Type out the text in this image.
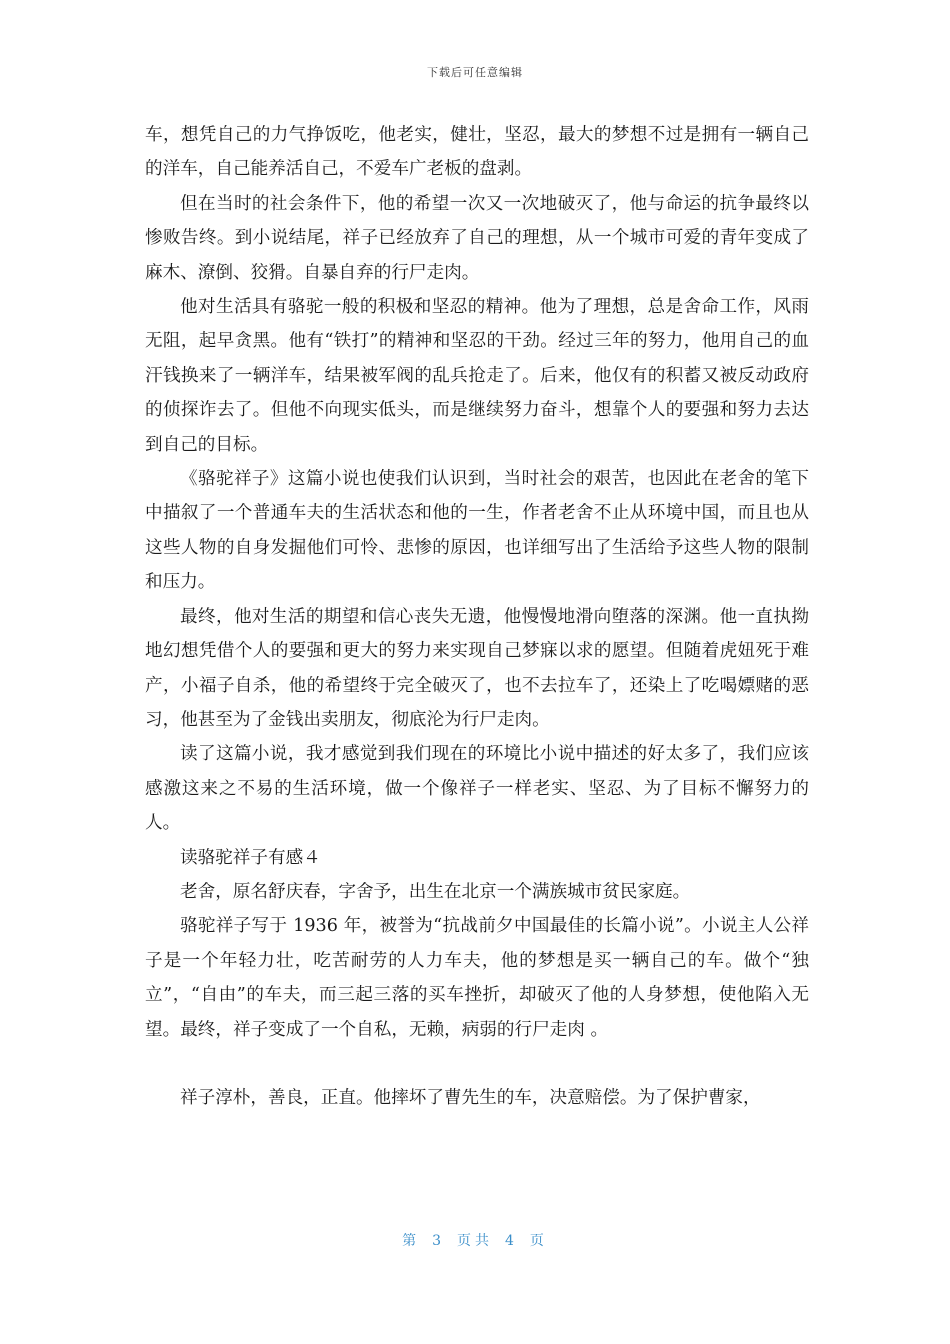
下载后可任意编辑

车，想凭自己的力气挣饭吃，他老实，健壮，坚忍，最大的梦想不过是拥有一辆自己的洋车，自己能养活自己，不爱车广老板的盘剥。

但在当时的社会条件下，他的希望一次又一次地破灭了，他与命运的抗争最终以惨败告终。到小说结尾，祥子已经放弃了自己的理想，从一个城市可爱的青年变成了麻木、潦倒、狡猾。自暴自弃的行尸走肉。

他对生活具有骆驼一般的积极和坚忍的精神。他为了理想，总是舍命工作，风雨无阻，起早贪黑。他有“铁打”的精神和坚忍的干劲。经过三年的努力，他用自己的血汗钱换来了一辆洋车，结果被军阀的乱兵抢走了。后来，他仅有的积蓄又被反动政府的侦探诈去了。但他不向现实低头，而是继续努力奋斗，想靠个人的要强和努力去达到自己的目标。

《骆驼祥子》这篇小说也使我们认识到，当时社会的艰苦，也因此在老舍的笔下中描叙了一个普通车夫的生活状态和他的一生，作者老舍不止从环境中国，而且也从这些人物的自身发掘他们可怜、悲惨的原因，也详细写出了生活给予这些人物的限制和压力。

最终，他对生活的期望和信心丧失无遗，他慢慢地滑向堕落的深渊。他一直执拗地幻想凭借个人的要强和更大的努力来实现自己梦寐以求的愿望。但随着虎妞死于难产，小福子自杀，他的希望终于完全破灭了，也不去拉车了，还染上了吃喝嫖赌的恶习，他甚至为了金钱出卖朋友，彻底沦为行尸走肉。

读了这篇小说，我才感觉到我们现在的环境比小说中描述的好太多了，我们应该感激这来之不易的生活环境，做一个像祥子一样老实、坚忍、为了目标不懈努力的人。

读骆驼祥子有感４

老舍，原名舒庆春，字舍予，出生在北京一个满族城市贫民家庭。

骆驼祥子写于 1936 年，被誉为“抗战前夕中国最佳的长篇小说”。小说主人公祥子是一个年轻力壮，吃苦耐劳的人力车夫，他的梦想是买一辆自己的车。做个“独立”，“自由”的车夫，而三起三落的买车挫折，却破灭了他的人身梦想，使他陷入无望。最终，祥子变成了一个自私，无赖，病弱的行尸走肉 。

祥子淳朴，善良，正直。他摔坏了曹先生的车，决意赔偿。为了保护曹家，

第 3 页共 4 页
